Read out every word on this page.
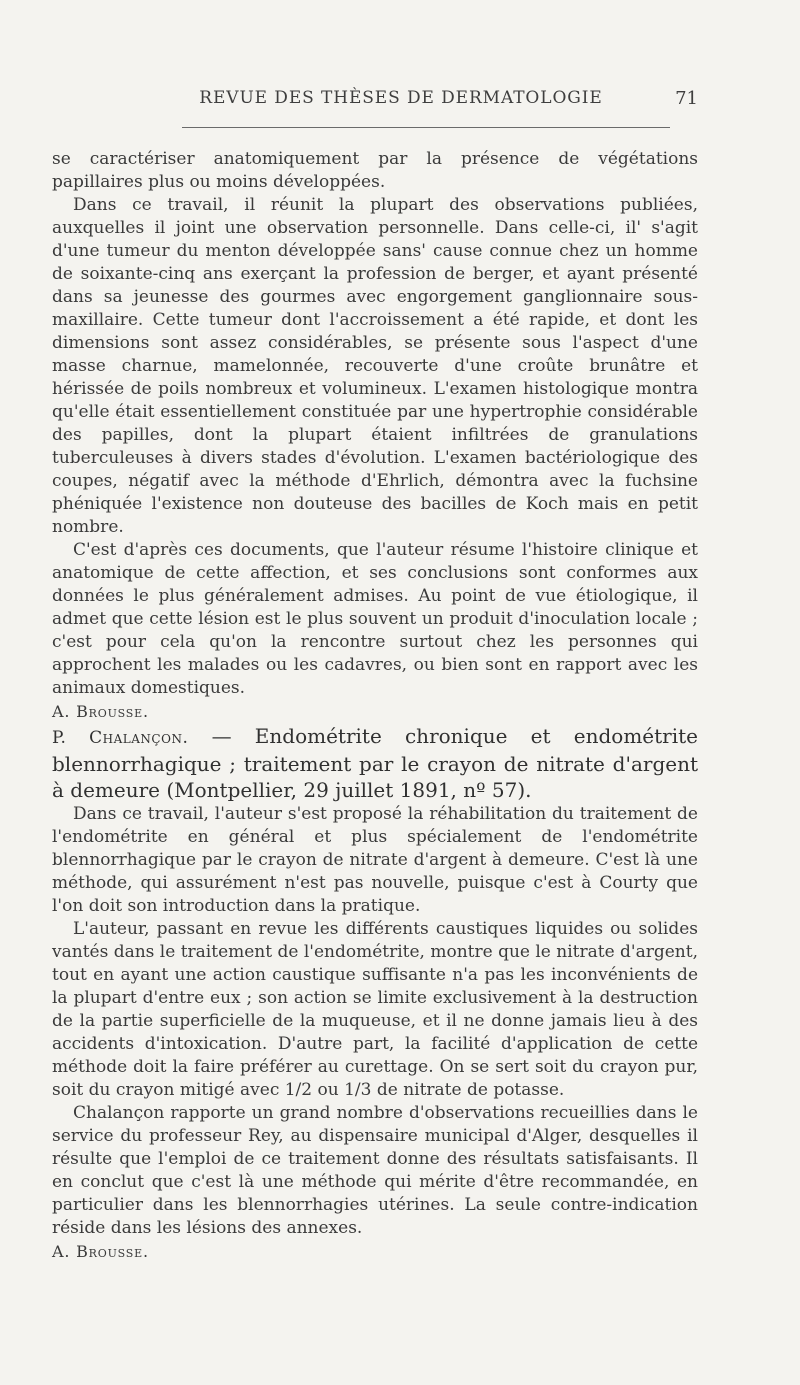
REVUE DES THÈSES DE DERMATOLOGIE	71

se caractériser anatomiquement par la présence de végétations papillaires plus ou moins développées.

Dans ce travail, il réunit la plupart des observations publiées, auxquelles il joint une observation personnelle. Dans celle-ci, il' s'agit d'une tumeur du menton développée sans' cause connue chez un homme de soixante-cinq ans exerçant la profession de berger, et ayant présenté dans sa jeunesse des gourmes avec engorgement ganglionnaire sous-maxillaire. Cette tumeur dont l'accroissement a été rapide, et dont les dimensions sont assez considérables, se présente sous l'aspect d'une masse charnue, mamelonnée, recouverte d'une croûte brunâtre et hérissée de poils nombreux et volumineux. L'examen histologique montra qu'elle était essentiellement constituée par une hypertrophie considérable des papilles, dont la plupart étaient infiltrées de granulations tuberculeuses à divers stades d'évolution. L'examen bactériologique des coupes, négatif avec la méthode d'Ehrlich, démontra avec la fuchsine phéniquée l'existence non douteuse des bacilles de Koch mais en petit nombre.

C'est d'après ces documents, que l'auteur résume l'histoire clinique et anatomique de cette affection, et ses conclusions sont conformes aux données le plus généralement admises. Au point de vue étiologique, il admet que cette lésion est le plus souvent un produit d'inoculation locale ; c'est pour cela qu'on la rencontre surtout chez les personnes qui approchent les malades ou les cadavres, ou bien sont en rapport avec les animaux domestiques.

A. Brousse.

P. Chalançon. — Endométrite chronique et endométrite blennorrhagique ; traitement par le crayon de nitrate d'argent à demeure (Montpellier, 29 juillet 1891, nº 57).

Dans ce travail, l'auteur s'est proposé la réhabilitation du traitement de l'endométrite en général et plus spécialement de l'endométrite blennorrhagique par le crayon de nitrate d'argent à demeure. C'est là une méthode, qui assurément n'est pas nouvelle, puisque c'est à Courty que l'on doit son introduction dans la pratique.

L'auteur, passant en revue les différents caustiques liquides ou solides vantés dans le traitement de l'endométrite, montre que le nitrate d'argent, tout en ayant une action caustique suffisante n'a pas les inconvénients de la plupart d'entre eux ; son action se limite exclusivement à la destruction de la partie superficielle de la muqueuse, et il ne donne jamais lieu à des accidents d'intoxication. D'autre part, la facilité d'application de cette méthode doit la faire préférer au curettage. On se sert soit du crayon pur, soit du crayon mitigé avec 1/2 ou 1/3 de nitrate de potasse.

Chalançon rapporte un grand nombre d'observations recueillies dans le service du professeur Rey, au dispensaire municipal d'Alger, desquelles il résulte que l'emploi de ce traitement donne des résultats satisfaisants. Il en conclut que c'est là une méthode qui mérite d'être recommandée, en particulier dans les blennorrhagies utérines. La seule contre-indication réside dans les lésions des annexes.

A. Brousse.
